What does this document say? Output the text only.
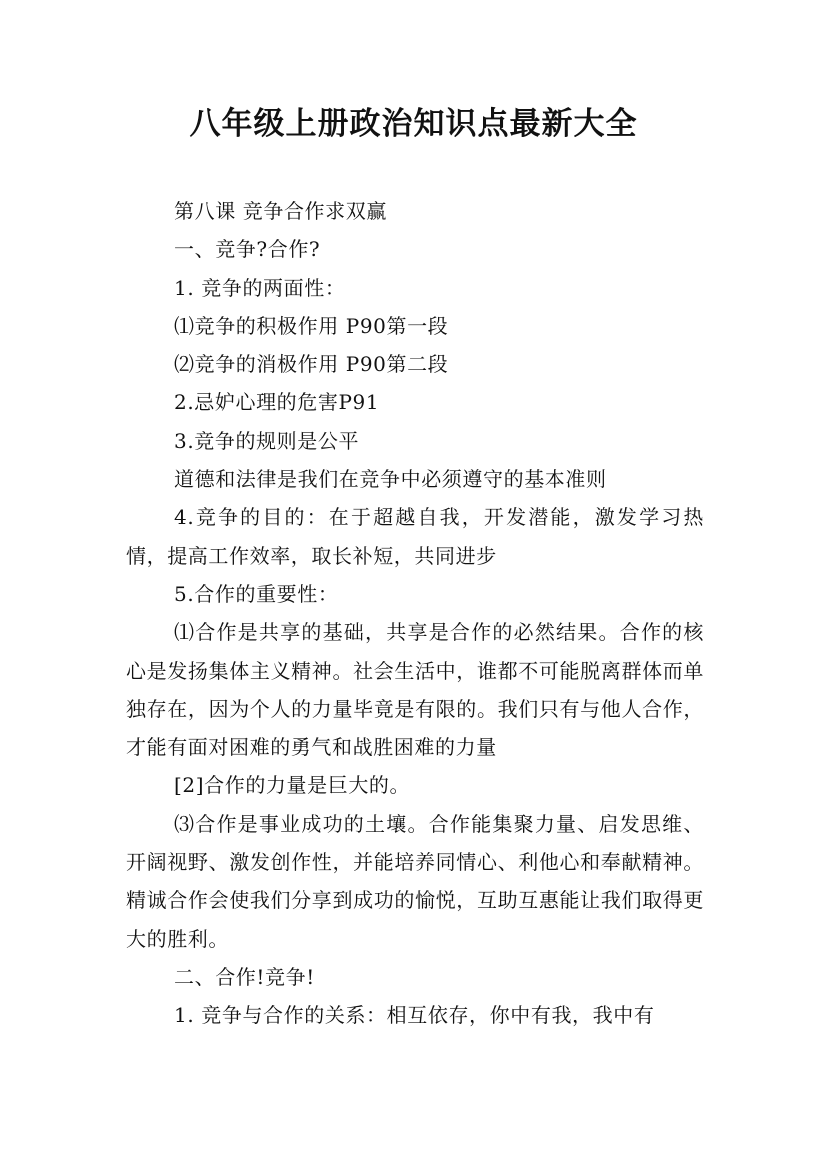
八年级上册政治知识点最新大全

第八课 竞争合作求双赢

一、竞争?合作?

1. 竞争的两面性：

⑴竞争的积极作用 P90第一段

⑵竞争的消极作用 P90第二段

2.忌妒心理的危害P91

3.竞争的规则是公平

道德和法律是我们在竞争中必须遵守的基本准则

4.竞争的目的：在于超越自我，开发潜能，激发学习热情，提高工作效率，取长补短，共同进步

5.合作的重要性：

⑴合作是共享的基础，共享是合作的必然结果。合作的核心是发扬集体主义精神。社会生活中，谁都不可能脱离群体而单独存在，因为个人的力量毕竟是有限的。我们只有与他人合作，才能有面对困难的勇气和战胜困难的力量

[2]合作的力量是巨大的。

⑶合作是事业成功的土壤。合作能集聚力量、启发思维、开阔视野、激发创作性，并能培养同情心、利他心和奉献精神。精诚合作会使我们分享到成功的愉悦，互助互惠能让我们取得更大的胜利。

二、合作!竞争!

1. 竞争与合作的关系：相互依存，你中有我，我中有
